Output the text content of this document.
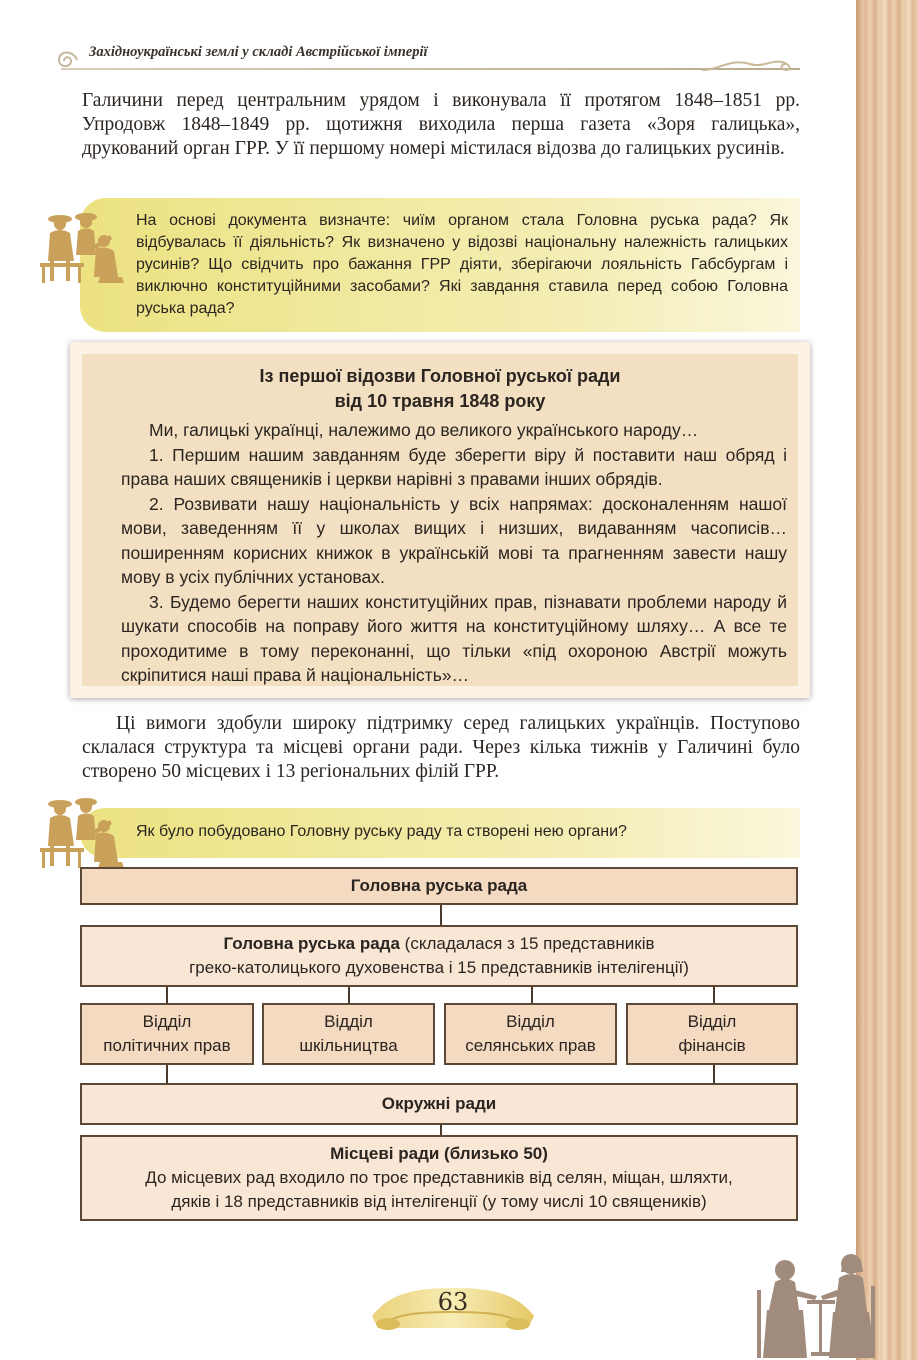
Західноукраїнські землі у складі Австрійської імперії

Галичини перед центральним урядом і виконувала її протягом 1848–1851 рр. Упродовж 1848–1849 рр. щотижня виходила перша газета «Зоря галицька», друкований орган ГРР. У її першому номері містилася відозва до галицьких русинів.

На основі документа визначте: чиїм органом стала Головна руська рада? Як відбувалась її діяльність? Як визначено у відозві національну належність галицьких русинів? Що свідчить про бажання ГРР діяти, зберігаючи лояльність Габсбургам і виключно конституційними засобами? Які завдання ставила перед собою Головна руська рада?

Із першої відозви Головної руської ради
від 10 травня 1848 року

Ми, галицькі українці, належимо до великого українського народу…

1. Першим нашим завданням буде зберегти віру й поставити наш обряд і права наших священиків і церкви нарівні з правами інших обрядів.

2. Розвивати нашу національність у всіх напрямах: досконаленням нашої мови, заведенням її у школах вищих і низших, видаванням часописів… поширенням корисних книжок в українській мові та прагненням завести нашу мову в усіх публічних установах.

3. Будемо берегти наших конституційних прав, пізнавати проблеми народу й шукати способів на поправу його життя на конституційному шляху… А все те проходитиме в тому переконанні, що тільки «під охороною Австрії можуть скріпитися наші права й національність»…

Ці вимоги здобули широку підтримку серед галицьких українців. Поступово склалася структура та місцеві органи ради. Через кілька тижнів у Галичині було створено 50 місцевих і 13 регіональних філій ГРР.

Як було побудовано Головну руську раду та створені нею органи?

Головна руська рада
Головна руська рада (складалася з 15 представників
греко-католицького духовенства і 15 представників інтелігенції)
Відділ
політичних прав
Відділ
шкільництва
Відділ
селянських прав
Відділ
фінансів
Окружні ради
Місцеві ради (близько 50)
До місцевих рад входило по троє представників від селян, міщан, шляхти,
дяків і 18 представників від інтелігенції (у тому числі 10 священиків)
63
